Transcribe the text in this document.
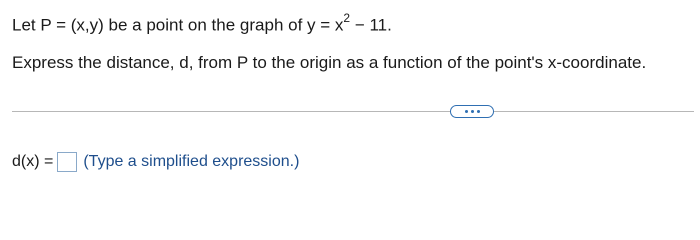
Let P = (x,y) be a point on the graph of $y = x^2 - 11$.
Express the distance, d, from P to the origin as a function of the point's x-coordinate.
d(x) = (Type a simplified expression.)
